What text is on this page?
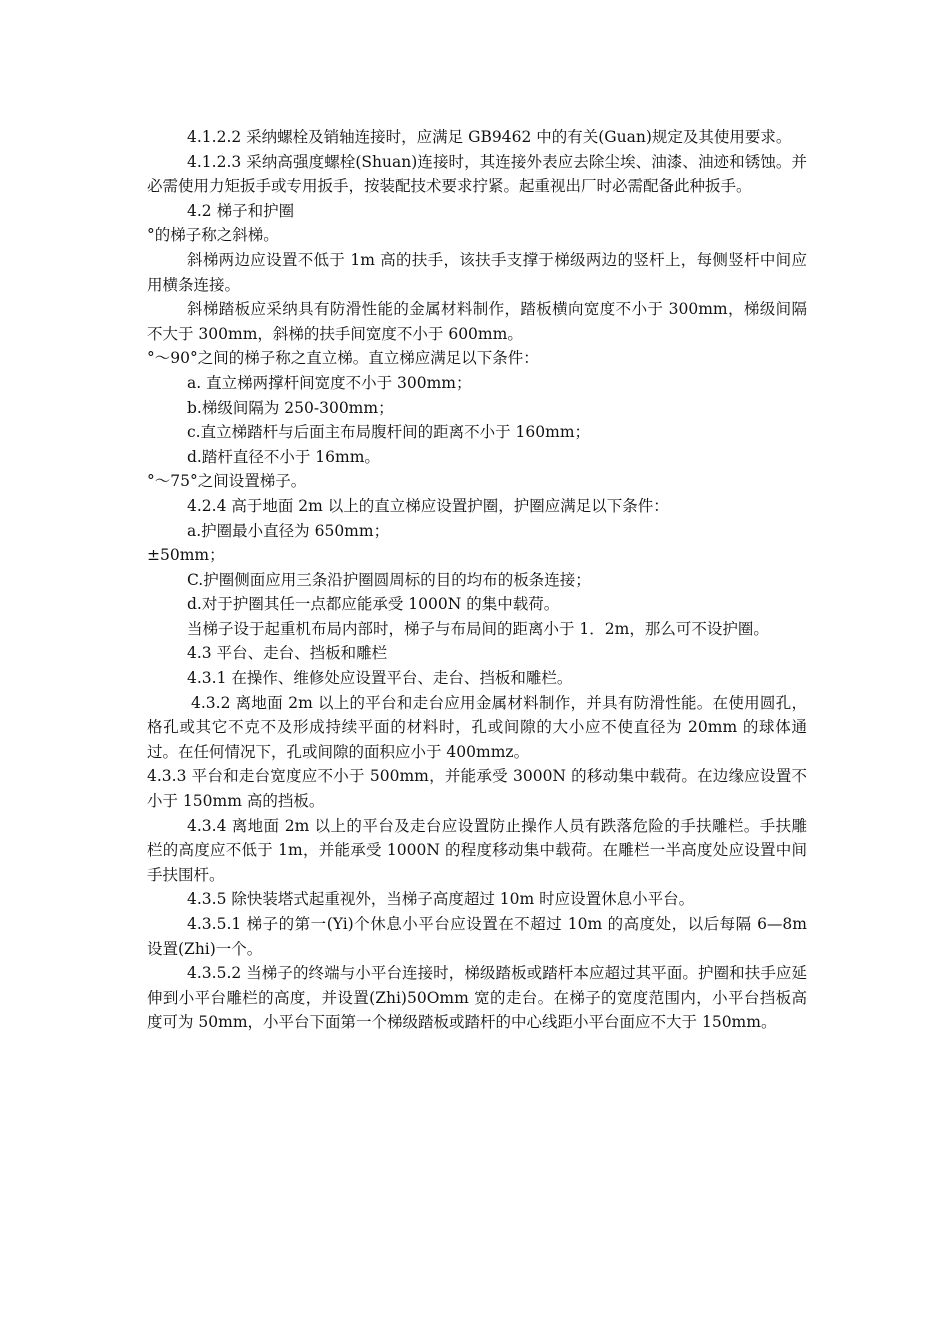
4.1.2.2 采纳螺栓及销轴连接时，应满足 GB9462 中的有关(Guan)规定及其使用要求。

4.1.2.3 采纳高强度螺栓(Shuan)连接时，其连接外表应去除尘埃、油漆、油迹和锈蚀。并必需使用力矩扳手或专用扳手，按装配技术要求拧紧。起重视出厂时必需配备此种扳手。

4.2 梯子和护圈

°的梯子称之斜梯。

斜梯两边应设置不低于 1m 高的扶手，该扶手支撑于梯级两边的竖杆上，每侧竖杆中间应用横条连接。

斜梯踏板应采纳具有防滑性能的金属材料制作，踏板横向宽度不小于 300mm，梯级间隔不大于 300mm，斜梯的扶手间宽度不小于 600mm。

°～90°之间的梯子称之直立梯。直立梯应满足以下条件：

a. 直立梯两撑杆间宽度不小于 300mm；

b.梯级间隔为 250-300mm；

c.直立梯踏杆与后面主布局腹杆间的距离不小于 160mm；

d.踏杆直径不小于 16mm。

°～75°之间设置梯子。

4.2.4 高于地面 2m 以上的直立梯应设置护圈，护圈应满足以下条件：

a.护圈最小直径为 650mm；

±50mm；

C.护圈侧面应用三条沿护圈圆周标的目的均布的板条连接；

d.对于护圈其任一点都应能承受 1000N 的集中载荷。

当梯子设于起重机布局内部时，梯子与布局间的距离小于 1．2m，那么可不设护圈。

4.3 平台、走台、挡板和雕栏

4.3.1 在操作、维修处应设置平台、走台、挡板和雕栏。

4.3.2 离地面 2m 以上的平台和走台应用金属材料制作，并具有防滑性能。在使用圆孔，格孔或其它不克不及形成持续平面的材料时，孔或间隙的大小应不使直径为 20mm 的球体通过。在任何情况下，孔或间隙的面积应小于 400mmz。

4.3.3 平台和走台宽度应不小于 500mm，并能承受 3000N 的移动集中载荷。在边缘应设置不小于 150mm 高的挡板。

4.3.4 离地面 2m 以上的平台及走台应设置防止操作人员有跌落危险的手扶雕栏。手扶雕栏的高度应不低于 1m，并能承受 1000N 的程度移动集中载荷。在雕栏一半高度处应设置中间手扶围杆。

4.3.5 除快装塔式起重视外，当梯子高度超过 10m 时应设置休息小平台。

4.3.5.1 梯子的第一(Yi)个休息小平台应设置在不超过 10m 的高度处，以后每隔 6—8m 设置(Zhi)一个。

4.3.5.2 当梯子的终端与小平台连接时，梯级踏板或踏杆本应超过其平面。护圈和扶手应延伸到小平台雕栏的高度，并设置(Zhi)50Omm 宽的走台。在梯子的宽度范围内，小平台挡板高度可为 50mm，小平台下面第一个梯级踏板或踏杆的中心线距小平台面应不大于 150mm。
